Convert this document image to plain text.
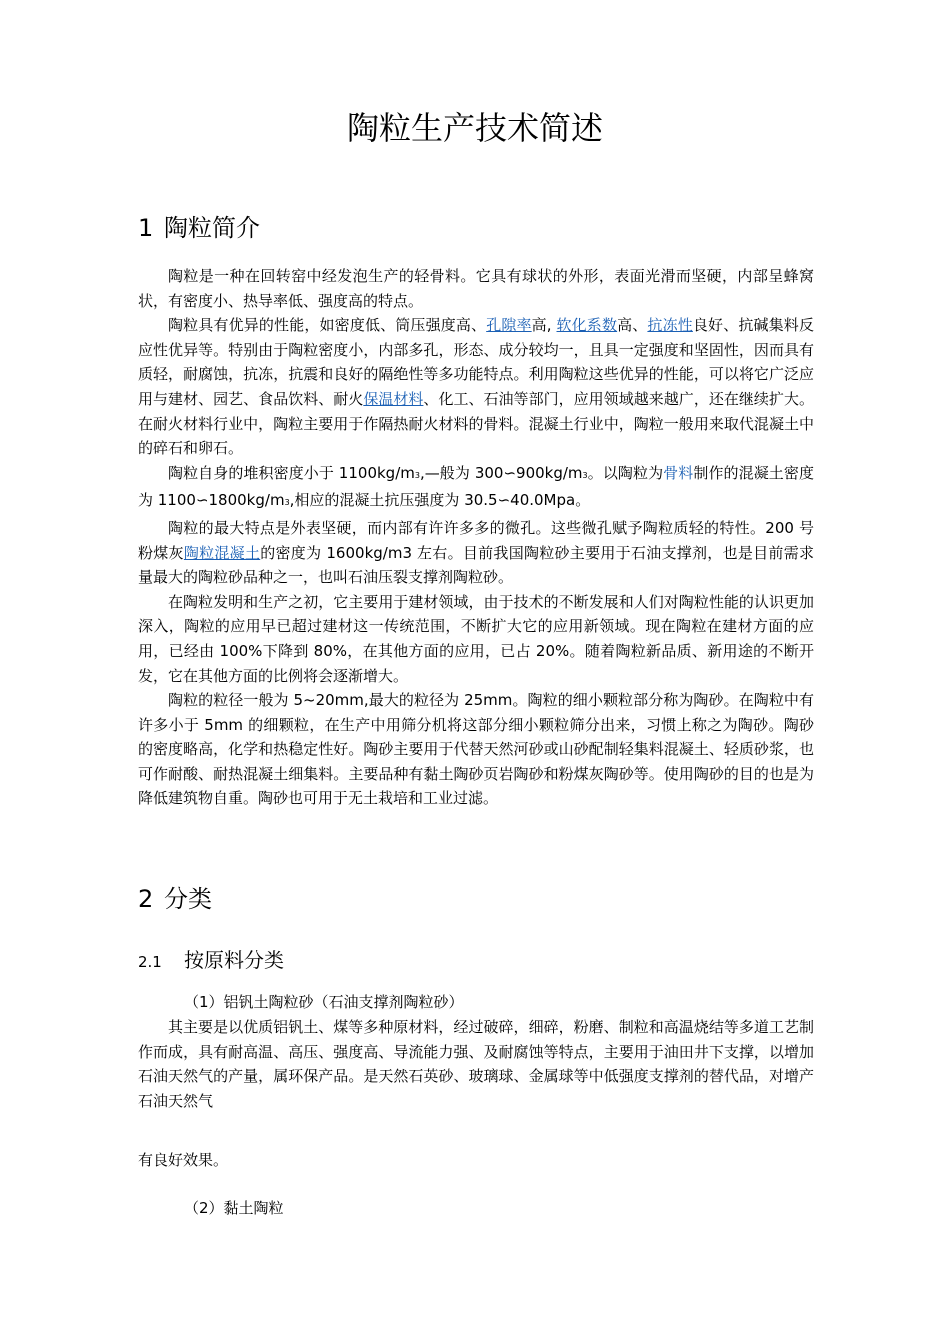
陶粒生产技术简述
1 陶粒简介

陶粒是一种在回转窑中经发泡生产的轻骨料。它具有球状的外形，表面光滑而坚硬，内部呈蜂窝状，有密度小、热导率低、强度高的特点。

陶粒具有优异的性能，如密度低、筒压强度高、孔隙率高, 软化系数高、抗冻性良好、抗碱集料反应性优异等。特别由于陶粒密度小，内部多孔，形态、成分较均一，且具一定强度和坚固性，因而具有质轻，耐腐蚀，抗冻，抗震和良好的隔绝性等多功能特点。利用陶粒这些优异的性能，可以将它广泛应用与建材、园艺、食品饮料、耐火保温材料、化工、石油等部门，应用领域越来越广，还在继续扩大。在耐火材料行业中，陶粒主要用于作隔热耐火材料的骨料。混凝土行业中，陶粒一般用来取代混凝土中的碎石和卵石。

陶粒自身的堆积密度小于 1100kg/m3,—般为 300∽900kg/m3。以陶粒为骨料制作的混凝土密度为 1100∽1800kg/m3,相应的混凝土抗压强度为 30.5∽40.0Mpa。

陶粒的最大特点是外表坚硬，而内部有许许多多的微孔。这些微孔赋予陶粒质轻的特性。200 号粉煤灰陶粒混凝土的密度为 1600kg/m3 左右。目前我国陶粒砂主要用于石油支撑剂，也是目前需求量最大的陶粒砂品种之一，也叫石油压裂支撑剂陶粒砂。

在陶粒发明和生产之初，它主要用于建材领域，由于技术的不断发展和人们对陶粒性能的认识更加深入，陶粒的应用早已超过建材这一传统范围，不断扩大它的应用新领域。现在陶粒在建材方面的应用，已经由 100%下降到 80%，在其他方面的应用，已占 20%。随着陶粒新品质、新用途的不断开发，它在其他方面的比例将会逐渐增大。

陶粒的粒径一般为 5~20mm,最大的粒径为 25mm。陶粒的细小颗粒部分称为陶砂。在陶粒中有许多小于 5mm 的细颗粒，在生产中用筛分机将这部分细小颗粒筛分出来，习惯上称之为陶砂。陶砂的密度略高，化学和热稳定性好。陶砂主要用于代替天然河砂或山砂配制轻集料混凝土、轻质砂浆，也可作耐酸、耐热混凝土细集料。主要品种有黏土陶砂页岩陶砂和粉煤灰陶砂等。使用陶砂的目的也是为降低建筑物自重。陶砂也可用于无土栽培和工业过滤。

2 分类
2.1 按原料分类
（1）铝钒土陶粒砂（石油支撑剂陶粒砂）

其主要是以优质铝钒土、煤等多种原材料，经过破碎，细碎，粉磨、制粒和高温烧结等多道工艺制作而成，具有耐高温、高压、强度高、导流能力强、及耐腐蚀等特点，主要用于油田井下支撑，以增加石油天然气的产量，属环保产品。是天然石英砂、玻璃球、金属球等中低强度支撑剂的替代品，对增产石油天然气

有良好效果。
（2）黏土陶粒
